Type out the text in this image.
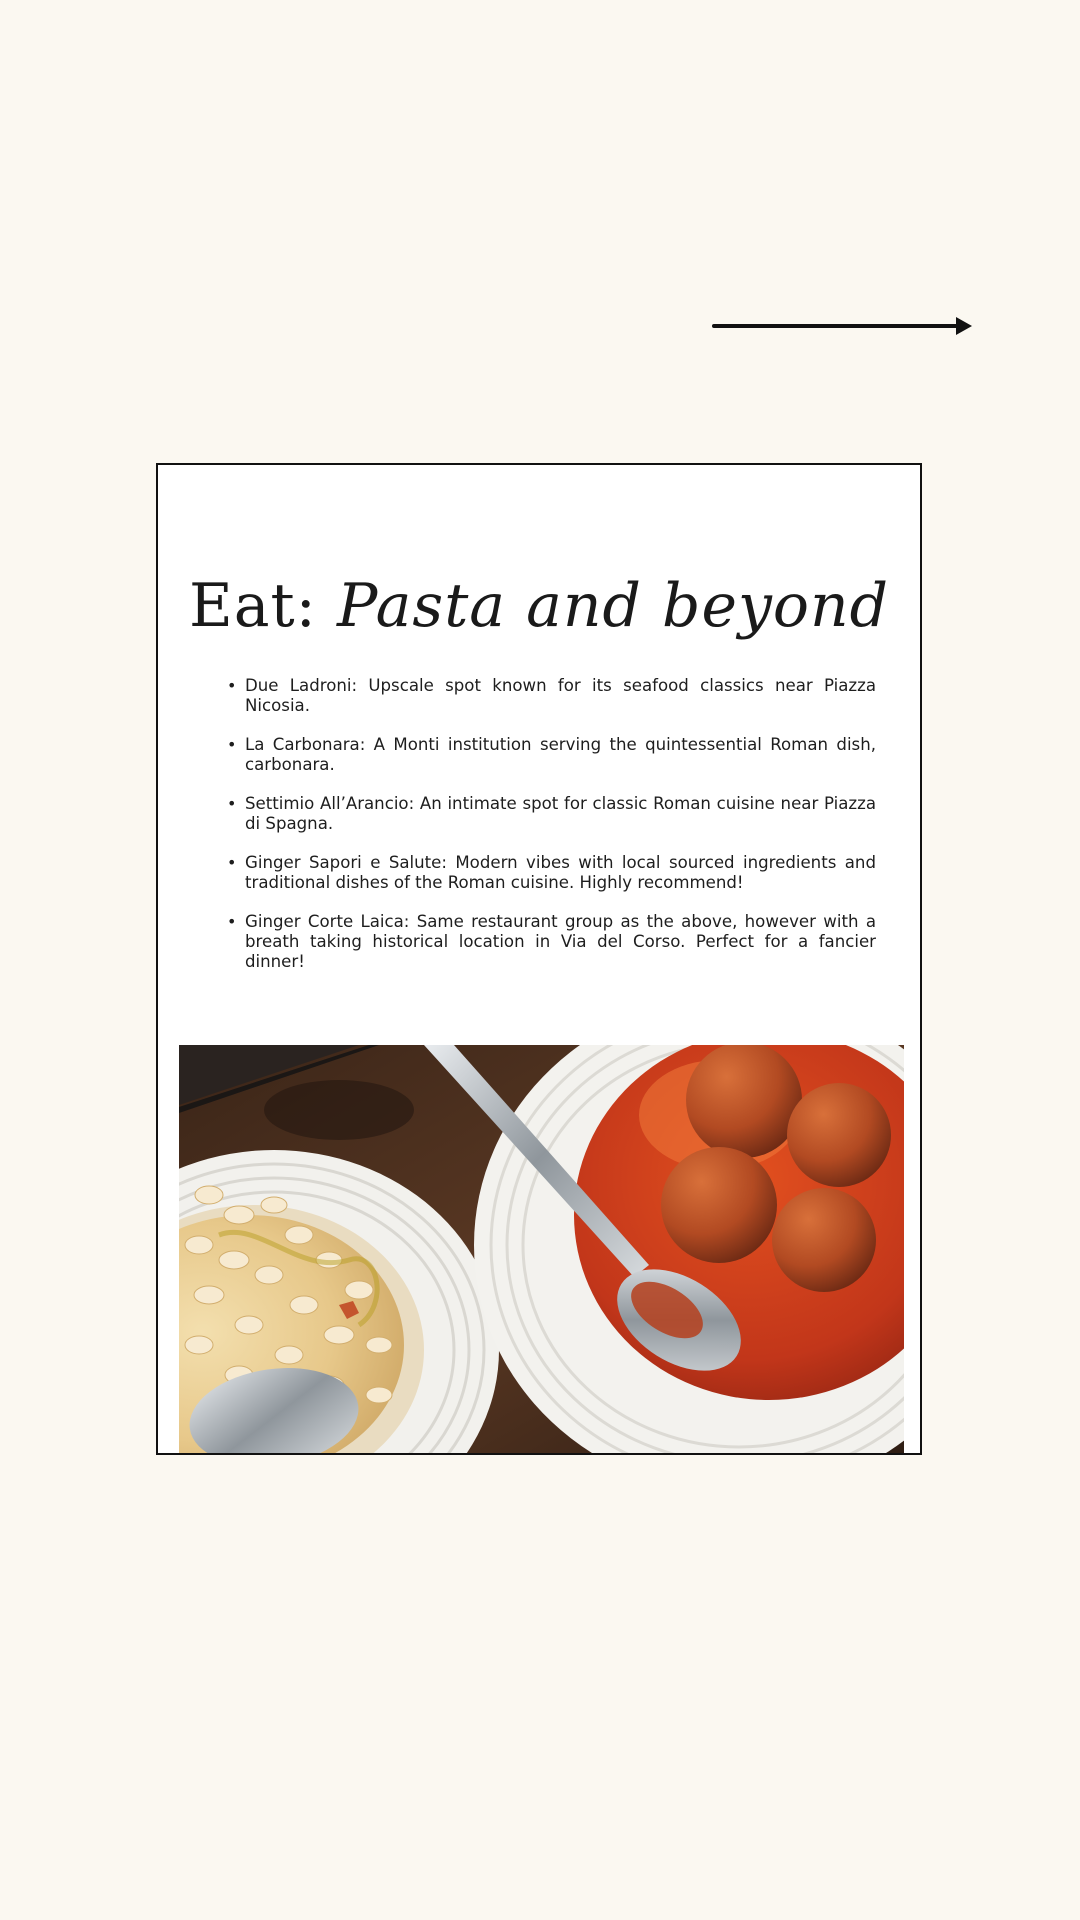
Eat: Pasta and beyond
• Due Ladroni: Upscale spot known for its seafood classics near Piazza Nicosia.
• La Carbonara: A Monti institution serving the quintessential Roman dish, carbonara.
• Settimio All’Arancio: An intimate spot for classic Roman cuisine near Piazza di Spagna.
• Ginger Sapori e Salute: Modern vibes with local sourced ingredients and traditional dishes of the Roman cuisine. Highly recommend!
• Ginger Corte Laica: Same restaurant group as the above, however with a breath taking historical location in Via del Corso. Perfect for a fancier dinner!
